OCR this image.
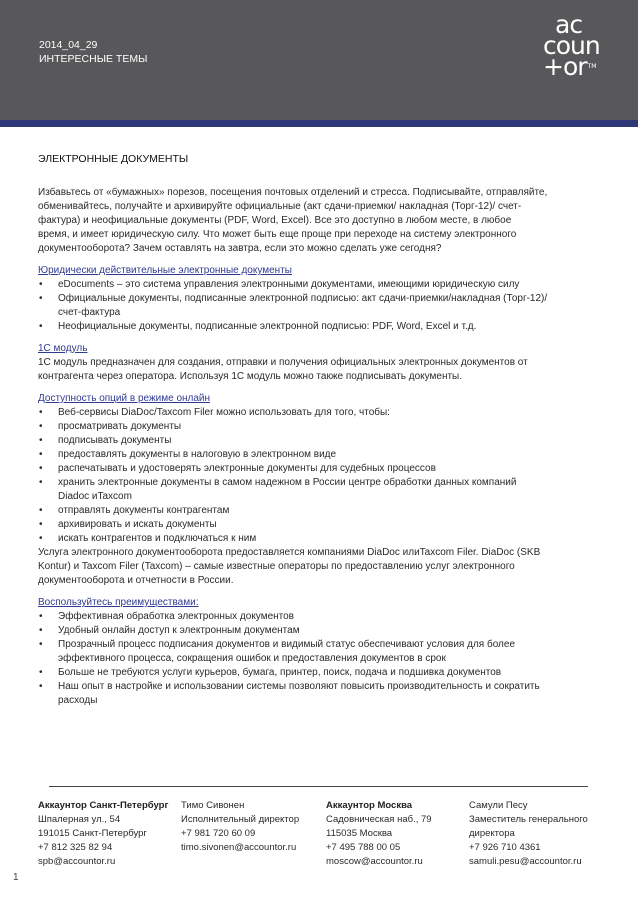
2014_04_29
ИНТЕРЕСНЫЕ ТЕМЫ
ac
coun
+or™
ЭЛЕКТРОННЫЕ ДОКУМЕНТЫ
Избавьтесь от «бумажных» порезов, посещения почтовых отделений и стресса. Подписывайте, отправляйте,
обменивайтесь, получайте и архивируйте официальные (акт сдачи-приемки/ накладная (Торг-12)/ счет-
фактура) и неофициальные документы (PDF, Word, Excel). Все это доступно в любом месте, в любое
время, и имеет юридическую силу. Что может быть еще проще при переходе на систему электронного
документооборота? Зачем оставлять на завтра, если это можно сделать уже сегодня?
Юридически действительные электронные документы
• eDocuments – это система управления электронными документами, имеющими юридическую силу
• Официальные документы, подписанные электронной подписью: акт сдачи-приемки/накладная (Торг-12)/
счет-фактура
• Неофициальные документы, подписанные электронной подписью: PDF, Word, Excel и т.д.
1С модуль
1С модуль предназначен для создания, отправки и получения официальных электронных документов от
контрагента через оператора. Используя 1С модуль можно также подписывать документы.
Доступность опций в режиме онлайн
• Веб-сервисы DiaDoc/Taxcom Filer можно использовать для того, чтобы:
• просматривать документы
• подписывать документы
• предоставлять документы в налоговую в электронном виде
• распечатывать и удостоверять электронные документы для судебных процессов
• хранить электронные документы в самом надежном в России центре обработки данных компаний
Diadoc иTaxcom
• отправлять документы контрагентам
• архивировать и искать документы
• искать контрагентов и подключаться к ним
Услуга электронного документооборота предоставляется компаниями DiaDoc илиTaxcom Filer. DiaDoc (SKB
Kontur) и Taxcom Filer (Taxcom) – самые известные операторы по предоставлению услуг электронного
документооборота и отчетности в России.
Воспользуйтесь преимуществами:
• Эффективная обработка электронных документов
• Удобный онлайн доступ к электронным документам
• Прозрачный процесс подписания документов и видимый статус обеспечивают условия для более
эффективного процесса, сокращения ошибок и предоставления документов в срок
• Больше не требуются услуги курьеров, бумага, принтер, поиск, подача и подшивка документов
• Наш опыт в настройке и использовании системы позволяют повысить производительность и сократить
расходы
Аккаунтор Санкт-Петербург
Шпалерная ул., 54
191015 Санкт-Петербург
+7 812 325 82 94
spb@accountor.ru
Тимо Сивонен
Исполнительный директор
+7 981 720 60 09
timo.sivonen@accountor.ru
Аккаунтор Москва
Садовническая наб., 79
115035 Москва
+7 495 788 00 05
moscow@accountor.ru
Самули Песу
Заместитель генерального
директора
+7 926 710 4361
samuli.pesu@accountor.ru
1
